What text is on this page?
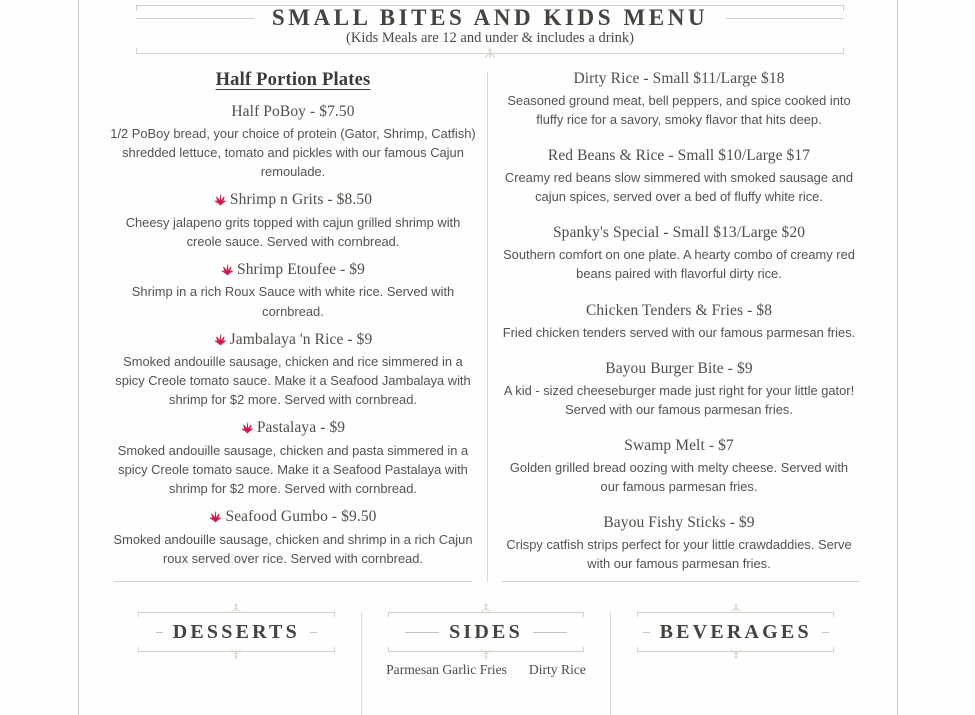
SMALL BITES AND KIDS MENU
(Kids Meals are 12 and under & includes a drink)
Half Portion Plates
Half PoBoy - $7.50

1/2 PoBoy bread, your choice of protein (Gator, Shrimp, Catfish) shredded lettuce, tomato and pickles with our famous Cajun remoulade.

Shrimp n Grits - $8.50

Cheesy jalapeno grits topped with cajun grilled shrimp with creole sauce. Served with cornbread.

Shrimp Etoufee - $9

Shrimp in a rich Roux Sauce with white rice. Served with cornbread.

Jambalaya 'n Rice - $9

Smoked andouille sausage, chicken and rice simmered in a spicy Creole tomato sauce. Make it a Seafood Jambalaya with shrimp for $2 more. Served with cornbread.

Pastalaya - $9

Smoked andouille sausage, chicken and pasta simmered in a spicy Creole tomato sauce. Make it a Seafood Pastalaya with shrimp for $2 more. Served with cornbread.

Seafood Gumbo - $9.50

Smoked andouille sausage, chicken and shrimp in a rich Cajun roux served over rice. Served with cornbread.

Dirty Rice - Small $11/Large $18

Seasoned ground meat, bell peppers, and spice cooked into fluffy rice for a savory, smoky flavor that hits deep.

Red Beans & Rice - Small $10/Large $17

Creamy red beans slow simmered with smoked sausage and cajun spices, served over a bed of fluffy white rice.

Spanky's Special - Small $13/Large $20

Southern comfort on one plate. A hearty combo of creamy red beans paired with flavorful dirty rice.

Chicken Tenders & Fries - $8

Fried chicken tenders served with our famous parmesan fries.

Bayou Burger Bite - $9

A kid - sized cheeseburger made just right for your little gator! Served with our famous parmesan fries.

Swamp Melt - $7

Golden grilled bread oozing with melty cheese. Served with our famous parmesan fries.

Bayou Fishy Sticks - $9

Crispy catfish strips perfect for your little crawdaddies. Serve with our famous parmesan fries.

DESSERTS	SIDES
Parmesan Garlic Fries Dirty Rice
BEVERAGES
